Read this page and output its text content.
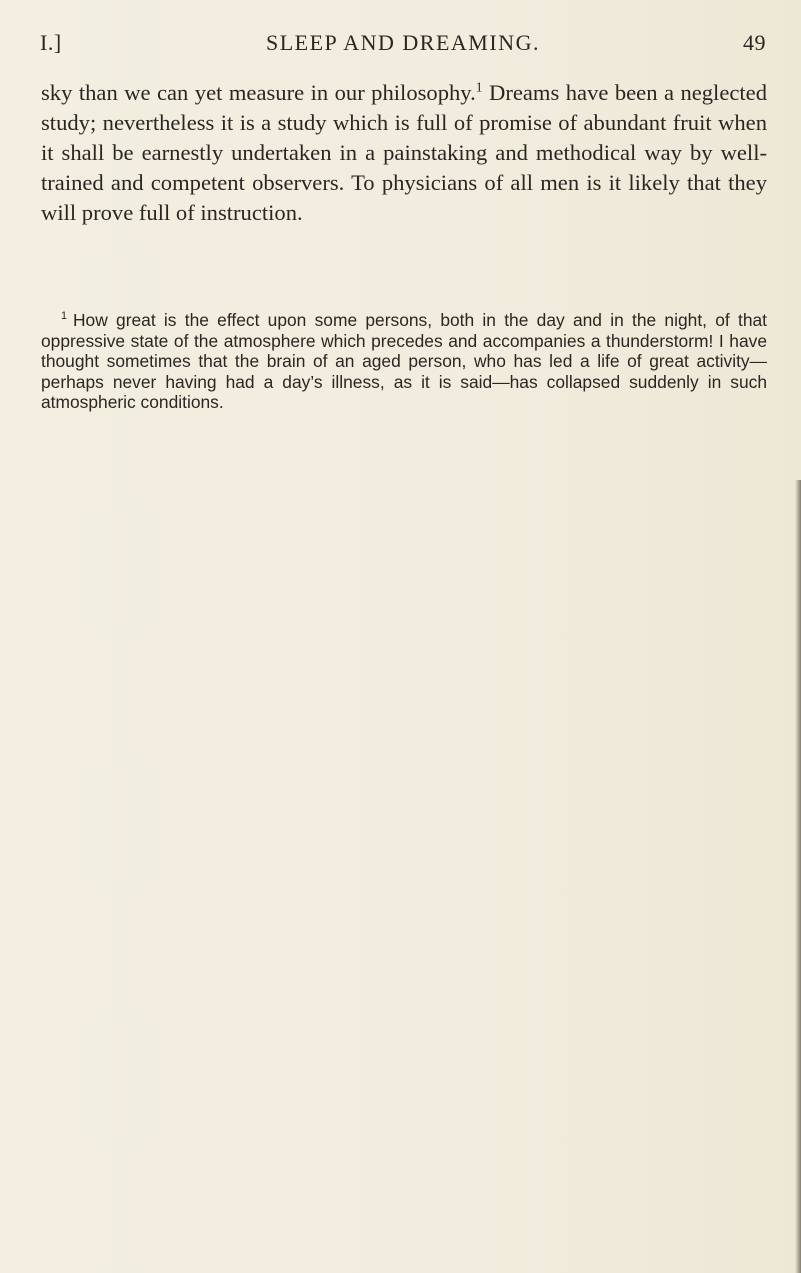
I.]	SLEEP AND DREAMING.	49

sky than we can yet measure in our philosophy.$^1$ Dreams have been a neglected study; nevertheless it is a study which is full of promise of abundant fruit when it shall be earnestly undertaken in a painstaking and methodical way by well-trained and competent observers. To physicians of all men is it likely that they will prove full of instruction.

$^1$ How great is the effect upon some persons, both in the day and in the night, of that oppressive state of the atmosphere which precedes and accompanies a thunderstorm! I have thought sometimes that the brain of an aged person, who has led a life of great activity—perhaps never having had a day’s illness, as it is said—has collapsed suddenly in such atmospheric conditions.
